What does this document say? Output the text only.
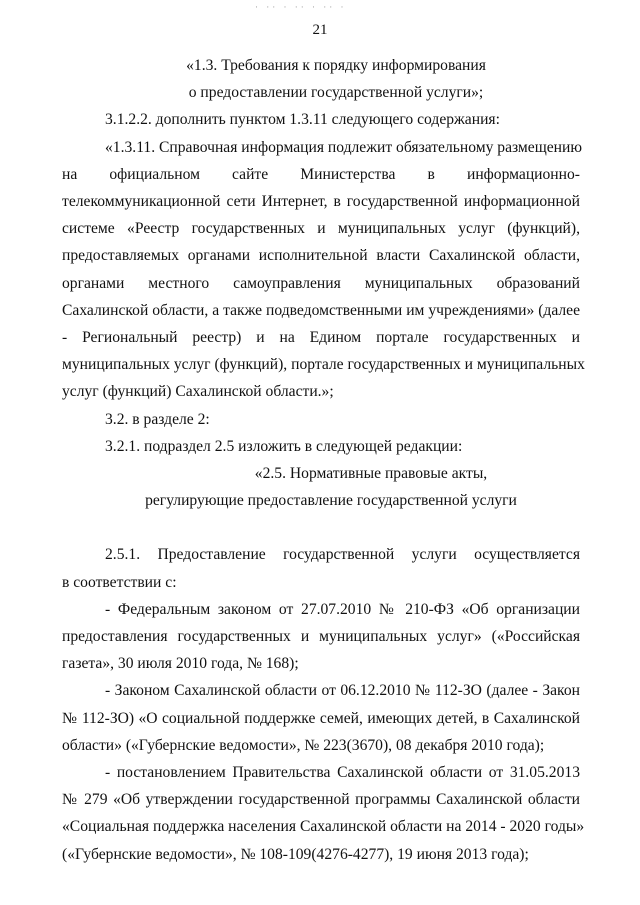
· ·· · ·· · ·· ·
21
«1.3. Требования к порядку информирования
о предоставлении государственной услуги»;
3.1.2.2. дополнить пунктом 1.3.11 следующего содержания:
«1.3.11. Справочная информация подлежит обязательному размещению
на официальном сайте Министерства в информационно-
телекоммуникационной сети Интернет, в государственной информационной
системе «Реестр государственных и муниципальных услуг (функций),
предоставляемых органами исполнительной власти Сахалинской области,
органами местного самоуправления муниципальных образований
Сахалинской области, а также подведомственными им учреждениями» (далее
- Региональный реестр) и на Едином портале государственных и
муниципальных услуг (функций), портале государственных и муниципальных
услуг (функций) Сахалинской области.»;
3.2. в разделе 2:
3.2.1. подраздел 2.5 изложить в следующей редакции:
«2.5. Нормативные правовые акты,
регулирующие предоставление государственной услуги
2.5.1. Предоставление государственной услуги осуществляется
в соответствии с:
- Федеральным законом от 27.07.2010 № 210-ФЗ «Об организации
предоставления государственных и муниципальных услуг» («Российская
газета», 30 июля 2010 года, № 168);
- Законом Сахалинской области от 06.12.2010 № 112-ЗО (далее - Закон
№ 112-ЗО) «О социальной поддержке семей, имеющих детей, в Сахалинской
области» («Губернские ведомости», № 223(3670), 08 декабря 2010 года);
- постановлением Правительства Сахалинской области от 31.05.2013
№ 279 «Об утверждении государственной программы Сахалинской области
«Социальная поддержка населения Сахалинской области на 2014 - 2020 годы»
(«Губернские ведомости», № 108-109(4276-4277), 19 июня 2013 года);
